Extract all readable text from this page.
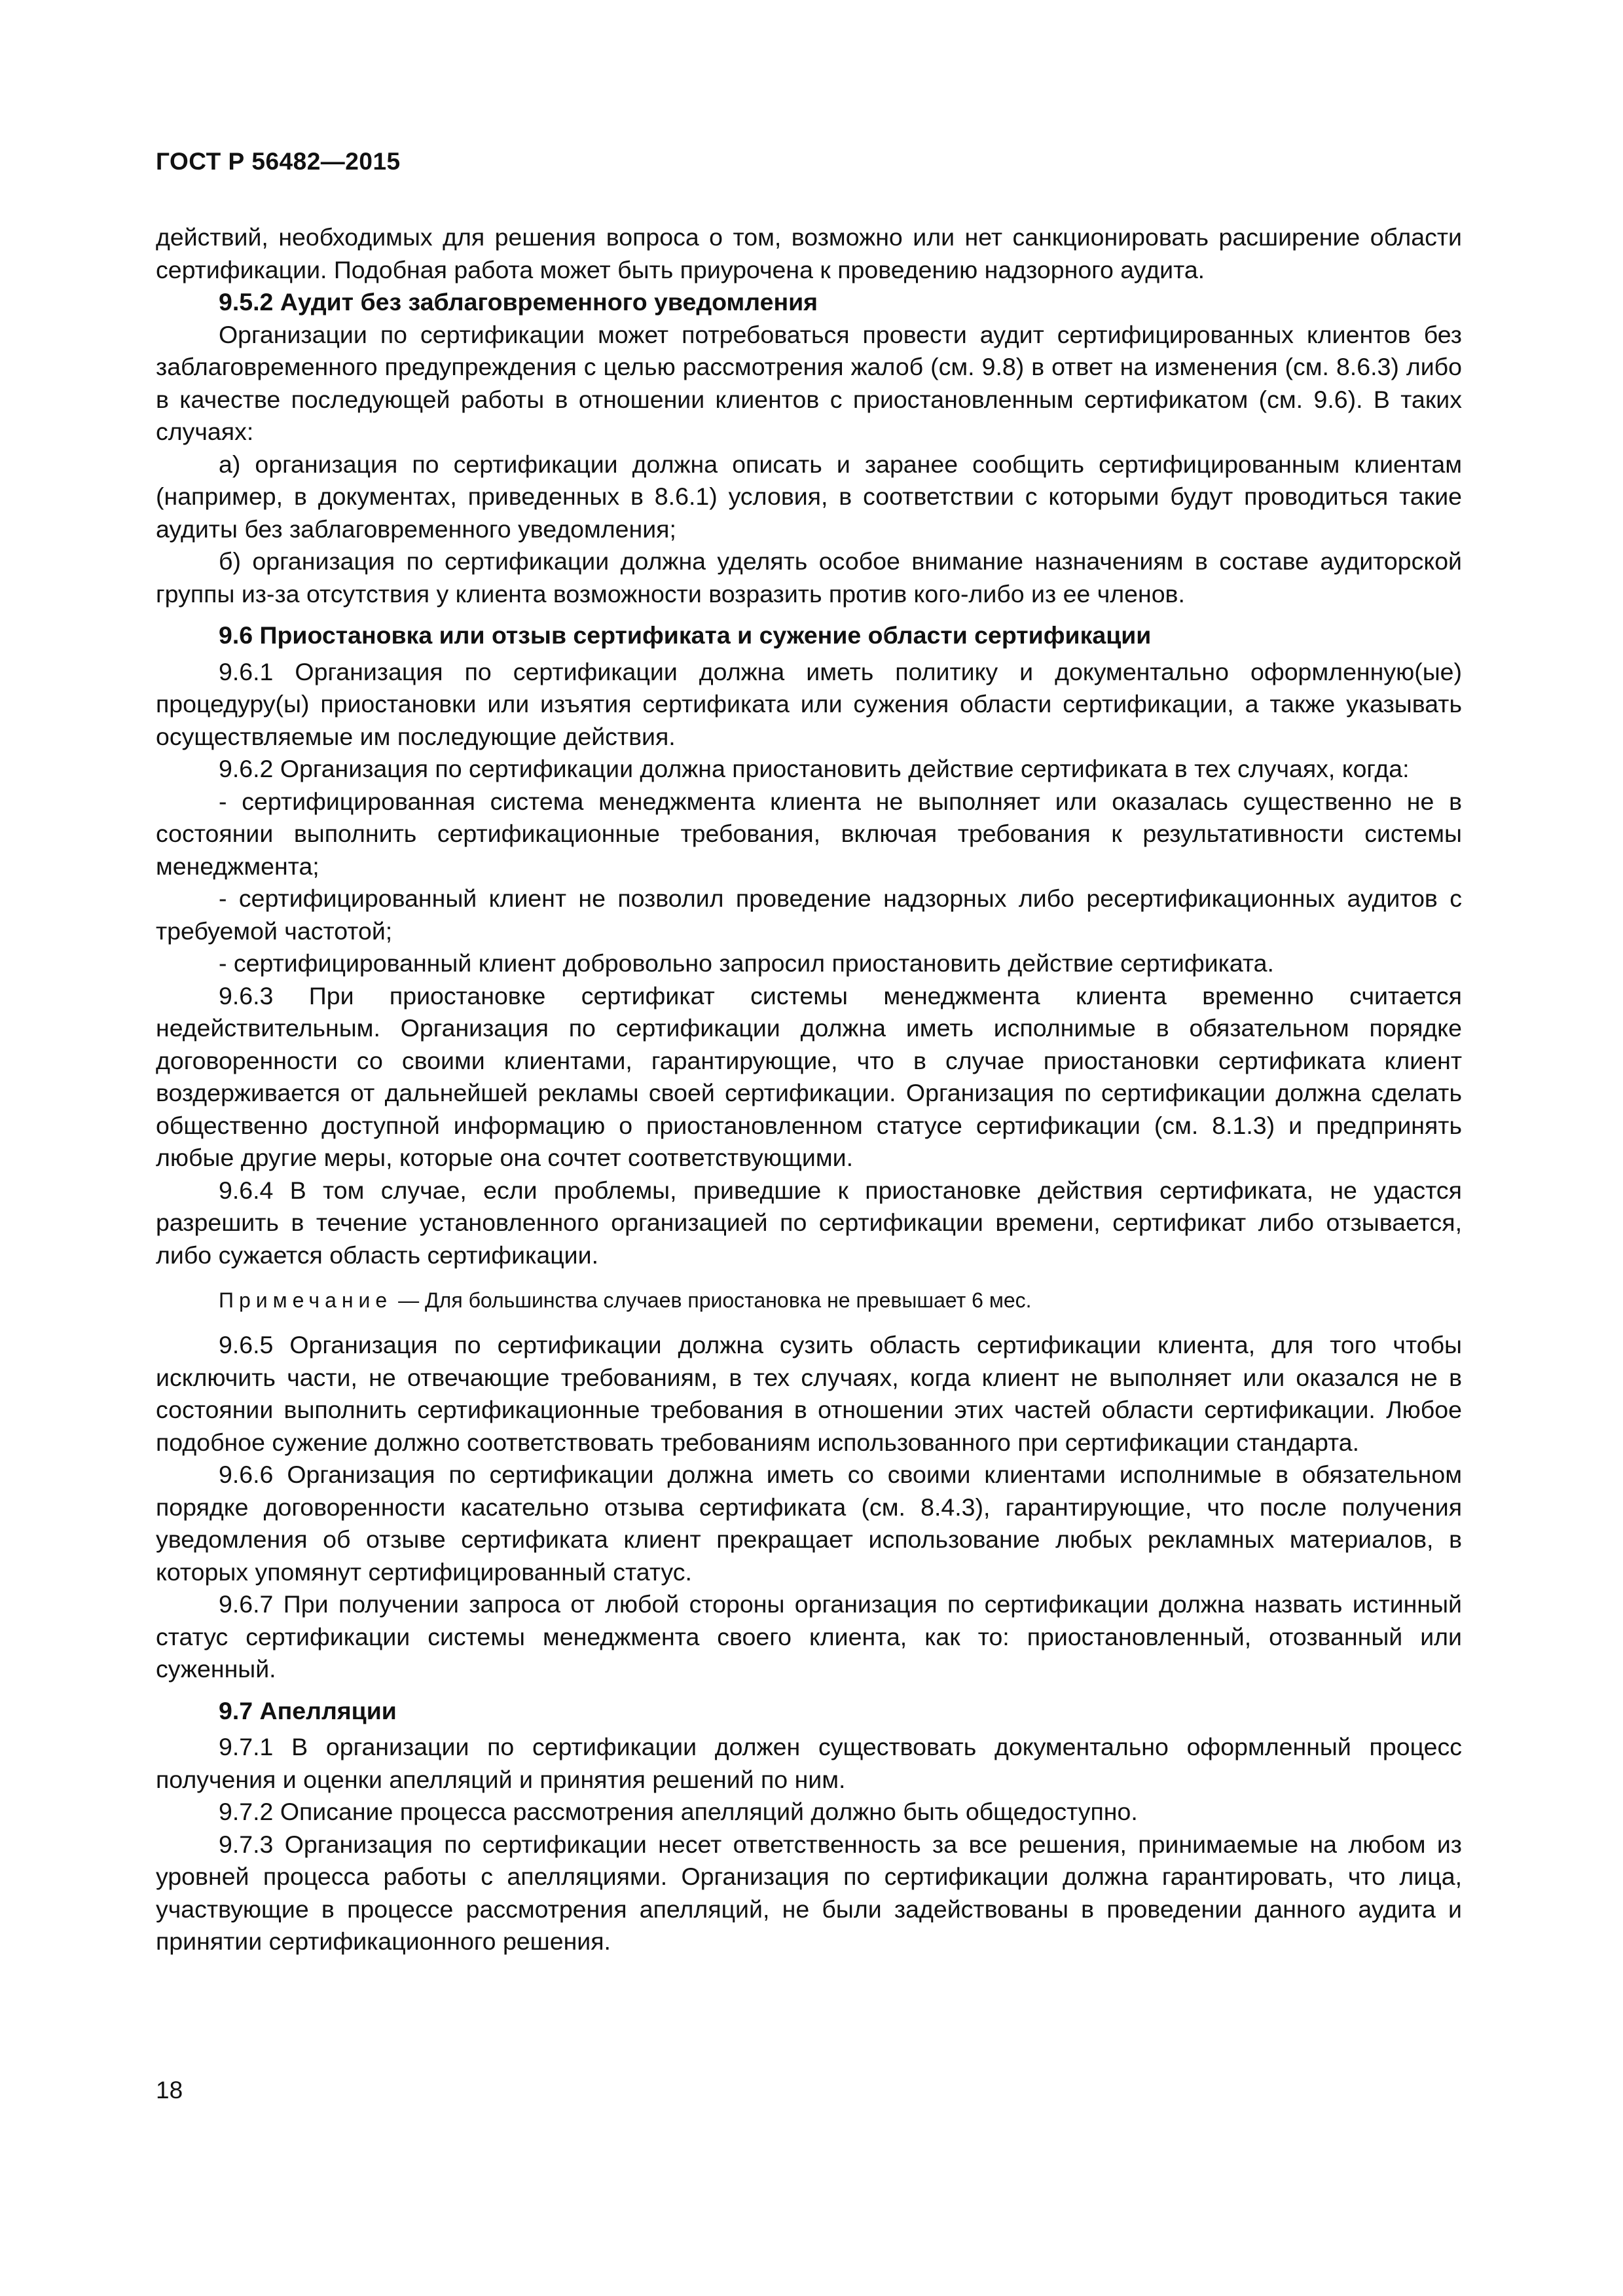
ГОСТ Р 56482—2015

действий, необходимых для решения вопроса о том, возможно или нет санкционировать расширение области сертификации. Подобная работа может быть приурочена к проведению надзорного аудита.

9.5.2 Аудит без заблаговременного уведомления

Организации по сертификации может потребоваться провести аудит сертифицированных клиентов без заблаговременного предупреждения с целью рассмотрения жалоб (см. 9.8) в ответ на изменения (см. 8.6.3) либо в качестве последующей работы в отношении клиентов с приостановленным сертификатом (см. 9.6). В таких случаях:

а) организация по сертификации должна описать и заранее сообщить сертифицированным клиентам (например, в документах, приведенных в 8.6.1) условия, в соответствии с которыми будут проводиться такие аудиты без заблаговременного уведомления;

б) организация по сертификации должна уделять особое внимание назначениям в составе аудиторской группы из-за отсутствия у клиента возможности возразить против кого-либо из ее членов.

9.6 Приостановка или отзыв сертификата и сужение области сертификации

9.6.1 Организация по сертификации должна иметь политику и документально оформленную(ые) процедуру(ы) приостановки или изъятия сертификата или сужения области сертификации, а также указывать осуществляемые им последующие действия.

9.6.2 Организация по сертификации должна приостановить действие сертификата в тех случаях, когда:

- сертифицированная система менеджмента клиента не выполняет или оказалась существенно не в состоянии выполнить сертификационные требования, включая требования к результативности системы менеджмента;

- сертифицированный клиент не позволил проведение надзорных либо ресертификационных аудитов с требуемой частотой;

- сертифицированный клиент добровольно запросил приостановить действие сертификата.

9.6.3 При приостановке сертификат системы менеджмента клиента временно считается недействительным. Организация по сертификации должна иметь исполнимые в обязательном порядке договоренности со своими клиентами, гарантирующие, что в случае приостановки сертификата клиент воздерживается от дальнейшей рекламы своей сертификации. Организация по сертификации должна сделать общественно доступной информацию о приостановленном статусе сертификации (см. 8.1.3) и предпринять любые другие меры, которые она сочтет соответствующими.

9.6.4 В том случае, если проблемы, приведшие к приостановке действия сертификата, не удастся разрешить в течение установленного организацией по сертификации времени, сертификат либо отзывается, либо сужается область сертификации.

Примечание — Для большинства случаев приостановка не превышает 6 мес.

9.6.5 Организация по сертификации должна сузить область сертификации клиента, для того чтобы исключить части, не отвечающие требованиям, в тех случаях, когда клиент не выполняет или оказался не в состоянии выполнить сертификационные требования в отношении этих частей области сертификации. Любое подобное сужение должно соответствовать требованиям использованного при сертификации стандарта.

9.6.6 Организация по сертификации должна иметь со своими клиентами исполнимые в обязательном порядке договоренности касательно отзыва сертификата (см. 8.4.3), гарантирующие, что после получения уведомления об отзыве сертификата клиент прекращает использование любых рекламных материалов, в которых упомянут сертифицированный статус.

9.6.7 При получении запроса от любой стороны организация по сертификации должна назвать истинный статус сертификации системы менеджмента своего клиента, как то: приостановленный, отозванный или суженный.

9.7 Апелляции

9.7.1 В организации по сертификации должен существовать документально оформленный процесс получения и оценки апелляций и принятия решений по ним.

9.7.2 Описание процесса рассмотрения апелляций должно быть общедоступно.

9.7.3 Организация по сертификации несет ответственность за все решения, принимаемые на любом из уровней процесса работы с апелляциями. Организация по сертификации должна гарантировать, что лица, участвующие в процессе рассмотрения апелляций, не были задействованы в проведении данного аудита и принятии сертификационного решения.

18
